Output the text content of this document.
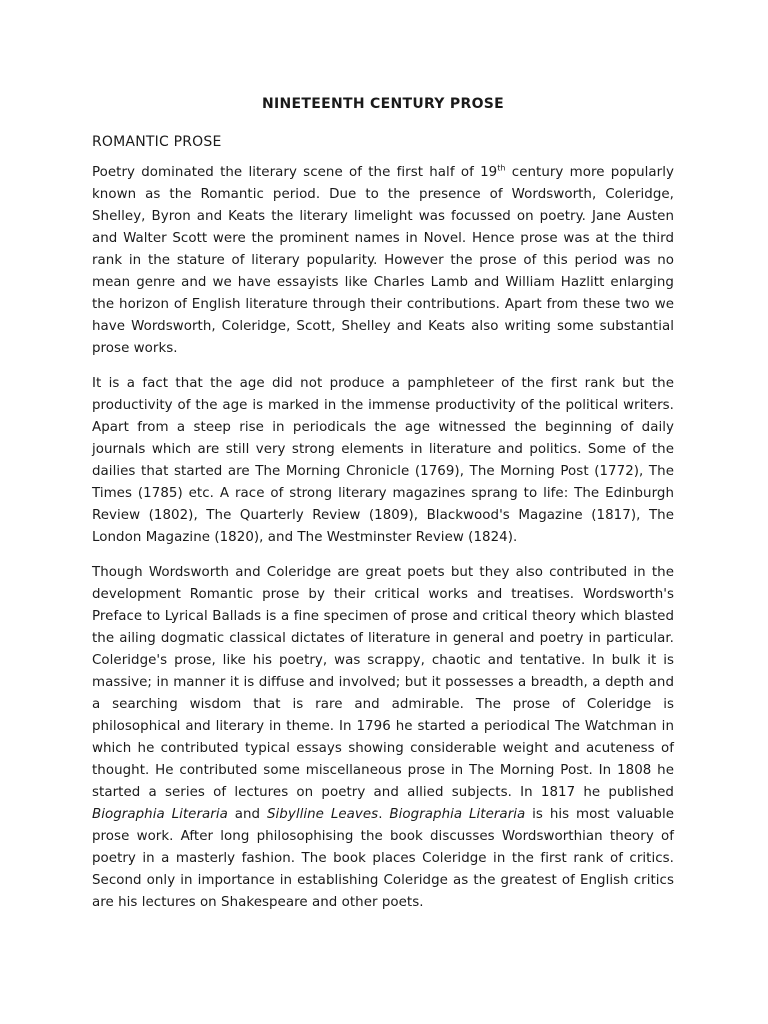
NINETEENTH CENTURY PROSE
ROMANTIC PROSE

Poetry dominated the literary scene of the first half of 19th century more popularly known as the Romantic period. Due to the presence of Wordsworth, Coleridge, Shelley, Byron and Keats the literary limelight was focussed on poetry. Jane Austen and Walter Scott were the prominent names in Novel. Hence prose was at the third rank in the stature of literary popularity. However the prose of this period was no mean genre and we have essayists like Charles Lamb and William Hazlitt enlarging the horizon of English literature through their contributions. Apart from these two we have Wordsworth, Coleridge, Scott, Shelley and Keats also writing some substantial prose works.

It is a fact that the age did not produce a pamphleteer of the first rank but the productivity of the age is marked in the immense productivity of the political writers. Apart from a steep rise in periodicals the age witnessed the beginning of daily journals which are still very strong elements in literature and politics. Some of the dailies that started are The Morning Chronicle (1769), The Morning Post (1772), The Times (1785) etc. A race of strong literary magazines sprang to life: The Edinburgh Review (1802), The Quarterly Review (1809), Blackwood's Magazine (1817), The London Magazine (1820), and The Westminster Review (1824).

Though Wordsworth and Coleridge are great poets but they also contributed in the development Romantic prose by their critical works and treatises. Wordsworth's Preface to Lyrical Ballads is a fine specimen of prose and critical theory which blasted the ailing dogmatic classical dictates of literature in general and poetry in particular. Coleridge's prose, like his poetry, was scrappy, chaotic and tentative. In bulk it is massive; in manner it is diffuse and involved; but it possesses a breadth, a depth and a searching wisdom that is rare and admirable. The prose of Coleridge is philosophical and literary in theme. In 1796 he started a periodical The Watchman in which he contributed typical essays showing considerable weight and acuteness of thought. He contributed some miscellaneous prose in The Morning Post. In 1808 he started a series of lectures on poetry and allied subjects. In 1817 he published Biographia Literaria and Sibylline Leaves. Biographia Literaria is his most valuable prose work. After long philosophising the book discusses Wordsworthian theory of poetry in a masterly fashion. The book places Coleridge in the first rank of critics. Second only in importance in establishing Coleridge as the greatest of English critics are his lectures on Shakespeare and other poets.
